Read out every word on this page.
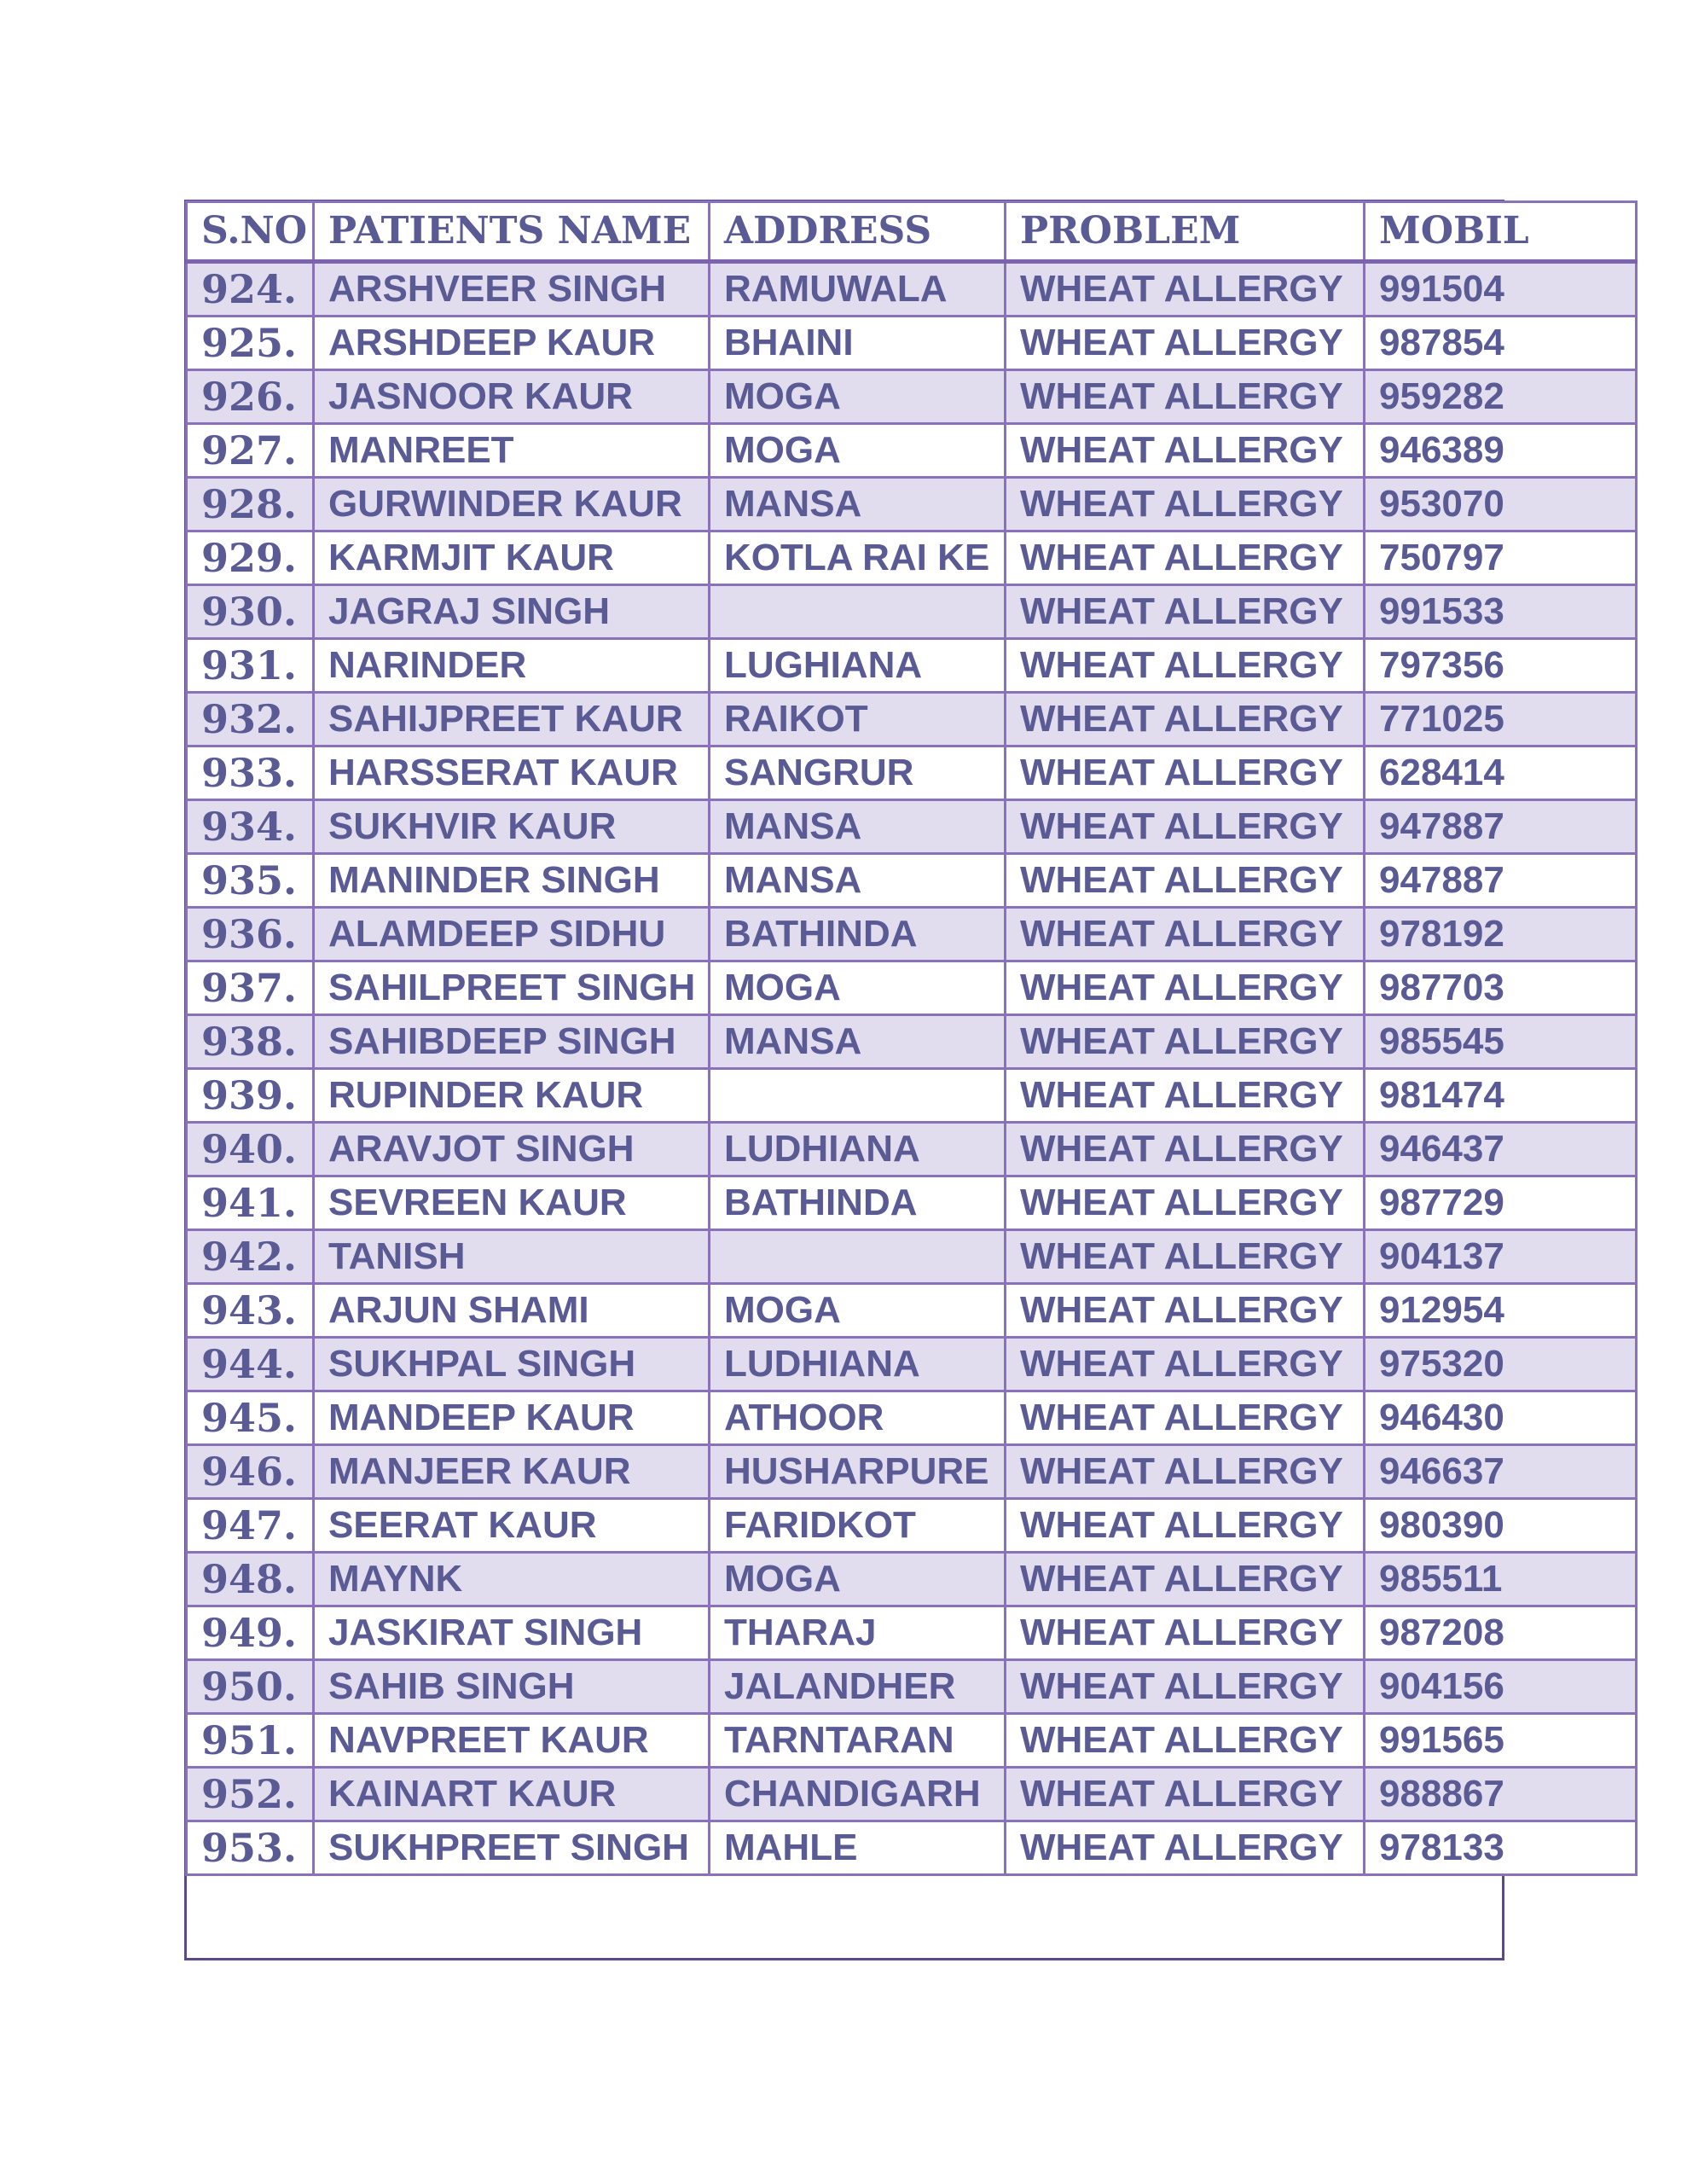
S.NO	PATIENTS NAME	ADDRESS	PROBLEM	MOBIL
924.	ARSHVEER SINGH	RAMUWALA	WHEAT ALLERGY	991504
925.	ARSHDEEP KAUR	BHAINI	WHEAT ALLERGY	987854
926.	JASNOOR KAUR	MOGA	WHEAT ALLERGY	959282
927.	MANREET	MOGA	WHEAT ALLERGY	946389
928.	GURWINDER KAUR	MANSA	WHEAT ALLERGY	953070
929.	KARMJIT KAUR	KOTLA RAI KE	WHEAT ALLERGY	750797
930.	JAGRAJ SINGH		WHEAT ALLERGY	991533
931.	NARINDER	LUGHIANA	WHEAT ALLERGY	797356
932.	SAHIJPREET KAUR	RAIKOT	WHEAT ALLERGY	771025
933.	HARSSERAT KAUR	SANGRUR	WHEAT ALLERGY	628414
934.	SUKHVIR KAUR	MANSA	WHEAT ALLERGY	947887
935.	MANINDER SINGH	MANSA	WHEAT ALLERGY	947887
936.	ALAMDEEP SIDHU	BATHINDA	WHEAT ALLERGY	978192
937.	SAHILPREET SINGH	MOGA	WHEAT ALLERGY	987703
938.	SAHIBDEEP SINGH	MANSA	WHEAT ALLERGY	985545
939.	RUPINDER KAUR		WHEAT ALLERGY	981474
940.	ARAVJOT SINGH	LUDHIANA	WHEAT ALLERGY	946437
941.	SEVREEN KAUR	BATHINDA	WHEAT ALLERGY	987729
942.	TANISH		WHEAT ALLERGY	904137
943.	ARJUN SHAMI	MOGA	WHEAT ALLERGY	912954
944.	SUKHPAL SINGH	LUDHIANA	WHEAT ALLERGY	975320
945.	MANDEEP KAUR	ATHOOR	WHEAT ALLERGY	946430
946.	MANJEER KAUR	HUSHARPURE	WHEAT ALLERGY	946637
947.	SEERAT KAUR	FARIDKOT	WHEAT ALLERGY	980390
948.	MAYNK	MOGA	WHEAT ALLERGY	985511
949.	JASKIRAT SINGH	THARAJ	WHEAT ALLERGY	987208
950.	SAHIB SINGH	JALANDHER	WHEAT ALLERGY	904156
951.	NAVPREET KAUR	TARNTARAN	WHEAT ALLERGY	991565
952.	KAINART KAUR	CHANDIGARH	WHEAT ALLERGY	988867
953.	SUKHPREET SINGH	MAHLE	WHEAT ALLERGY	978133
